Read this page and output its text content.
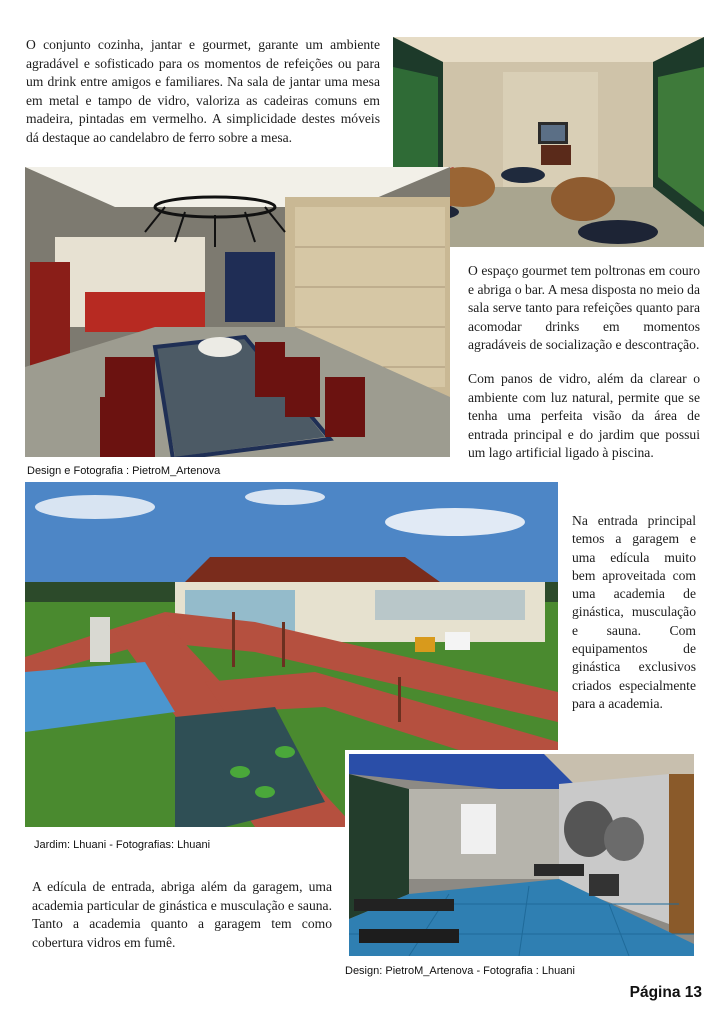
O conjunto cozinha, jantar e gourmet, garante um ambiente agradável e sofisticado para os momentos de refeições ou para um drink entre amigos e familiares. Na sala de jantar uma mesa em metal e tampo de vidro, valoriza as cadeiras comuns em madeira, pintadas em vermelho. A simplicidade destes móveis dá destaque ao candelabro de ferro sobre a mesa.

O espaço gourmet tem poltronas em couro e abriga o bar. A mesa disposta no meio da sala serve tanto para refeições quanto para acomodar drinks em momentos agradáveis de socialização e descontração.

Com panos de vidro, além da clarear o ambiente com luz natural, permite que se tenha uma perfeita visão da área de entrada principal e do jardim que possui um lago artificial ligado à piscina.

Design e Fotografia : PietroM_Artenova

Na entrada principal temos a garagem e uma edícula muito bem aproveitada com uma academia de ginástica, musculação e sauna. Com equipamentos de ginástica exclusivos criados especialmente para a academia.

Jardim: Lhuani - Fotografias: Lhuani

A edícula de entrada, abriga além da garagem, uma academia particular de ginástica e musculação e sauna. Tanto a academia quanto a garagem tem como cobertura vidros em fumê.

Design: PietroM_Artenova - Fotografia : Lhuani
Página 13
